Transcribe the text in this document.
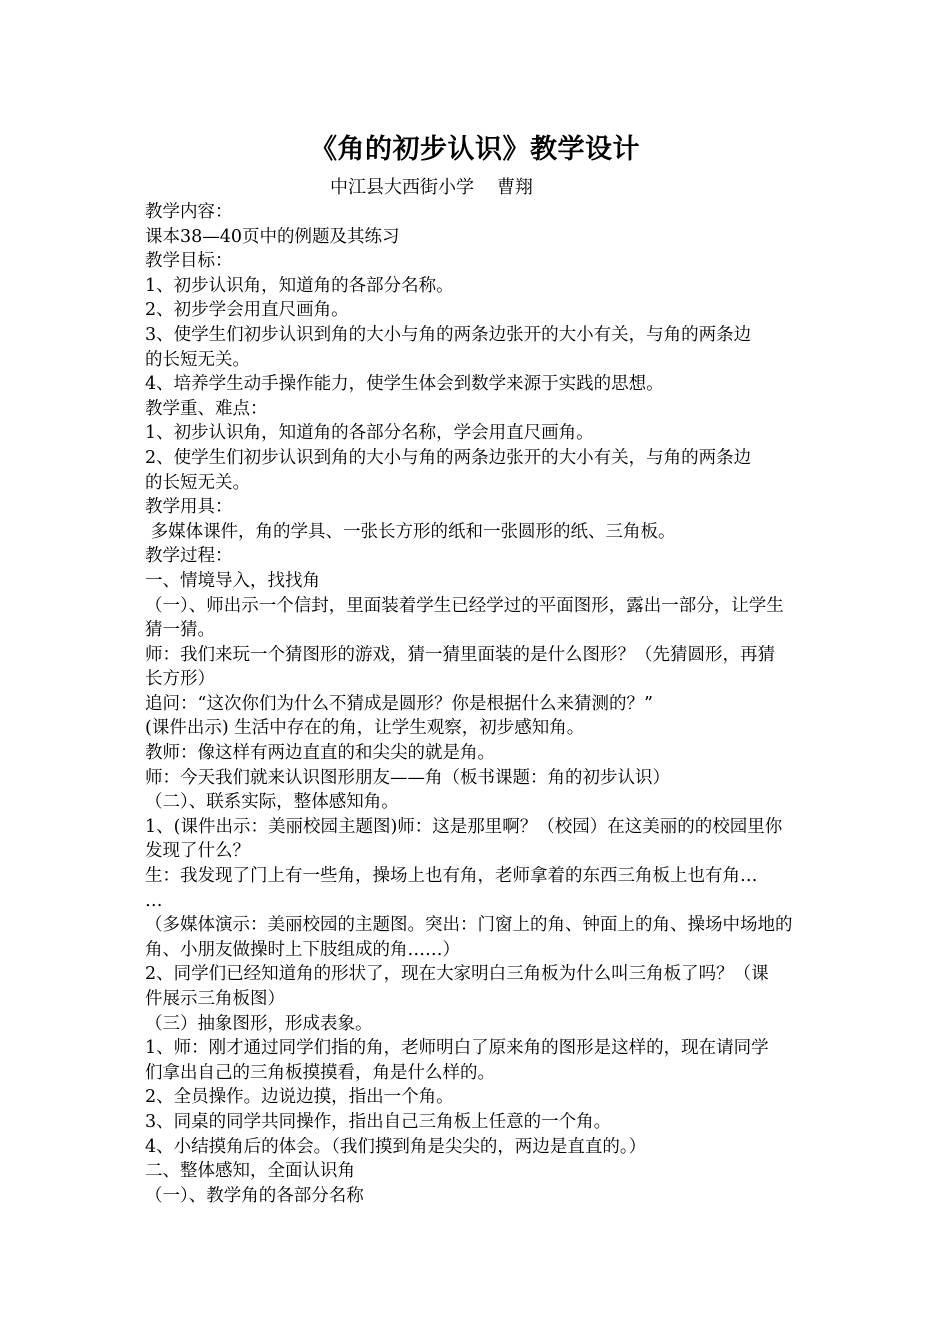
《角的初步认识》教学设计
中江县大西街小学    曹翔
教学内容：
课本38—40页中的例题及其练习
教学目标：
1、初步认识角，知道角的各部分名称。
2、初步学会用直尺画角。
3、使学生们初步认识到角的大小与角的两条边张开的大小有关，与角的两条边
的长短无关。
4、培养学生动手操作能力，使学生体会到数学来源于实践的思想。
教学重、难点：
1、初步认识角，知道角的各部分名称，学会用直尺画角。
2、使学生们初步认识到角的大小与角的两条边张开的大小有关，与角的两条边
的长短无关。
教学用具：
多媒体课件，角的学具、一张长方形的纸和一张圆形的纸、三角板。
教学过程：
一、情境导入，找找角
（一）、师出示一个信封，里面装着学生已经学过的平面图形，露出一部分，让学生
猜一猜。
师：我们来玩一个猜图形的游戏，猜一猜里面装的是什么图形？（先猜圆形，再猜
长方形）
追问：“这次你们为什么不猜成是圆形？你是根据什么来猜测的？”
(课件出示) 生活中存在的角，让学生观察，初步感知角。
教师：像这样有两边直直的和尖尖的就是角。
师：今天我们就来认识图形朋友——角（板书课题：角的初步认识）
（二）、联系实际，整体感知角。
1、(课件出示：美丽校园主题图)师：这是那里啊？（校园）在这美丽的的校园里你
发现了什么？
生：我发现了门上有一些角，操场上也有角，老师拿着的东西三角板上也有角…
…
（多媒体演示：美丽校园的主题图。突出：门窗上的角、钟面上的角、操场中场地的
角、小朋友做操时上下肢组成的角……）
2、同学们已经知道角的形状了，现在大家明白三角板为什么叫三角板了吗？（课
件展示三角板图）
（三）抽象图形，形成表象。
1、师：刚才通过同学们指的角，老师明白了原来角的图形是这样的，现在请同学
们拿出自己的三角板摸摸看，角是什么样的。
2、全员操作。边说边摸，指出一个角。
3、同桌的同学共同操作，指出自己三角板上任意的一个角。
4、小结摸角后的体会。（我们摸到角是尖尖的，两边是直直的。）
二、整体感知，全面认识角
（一）、教学角的各部分名称
